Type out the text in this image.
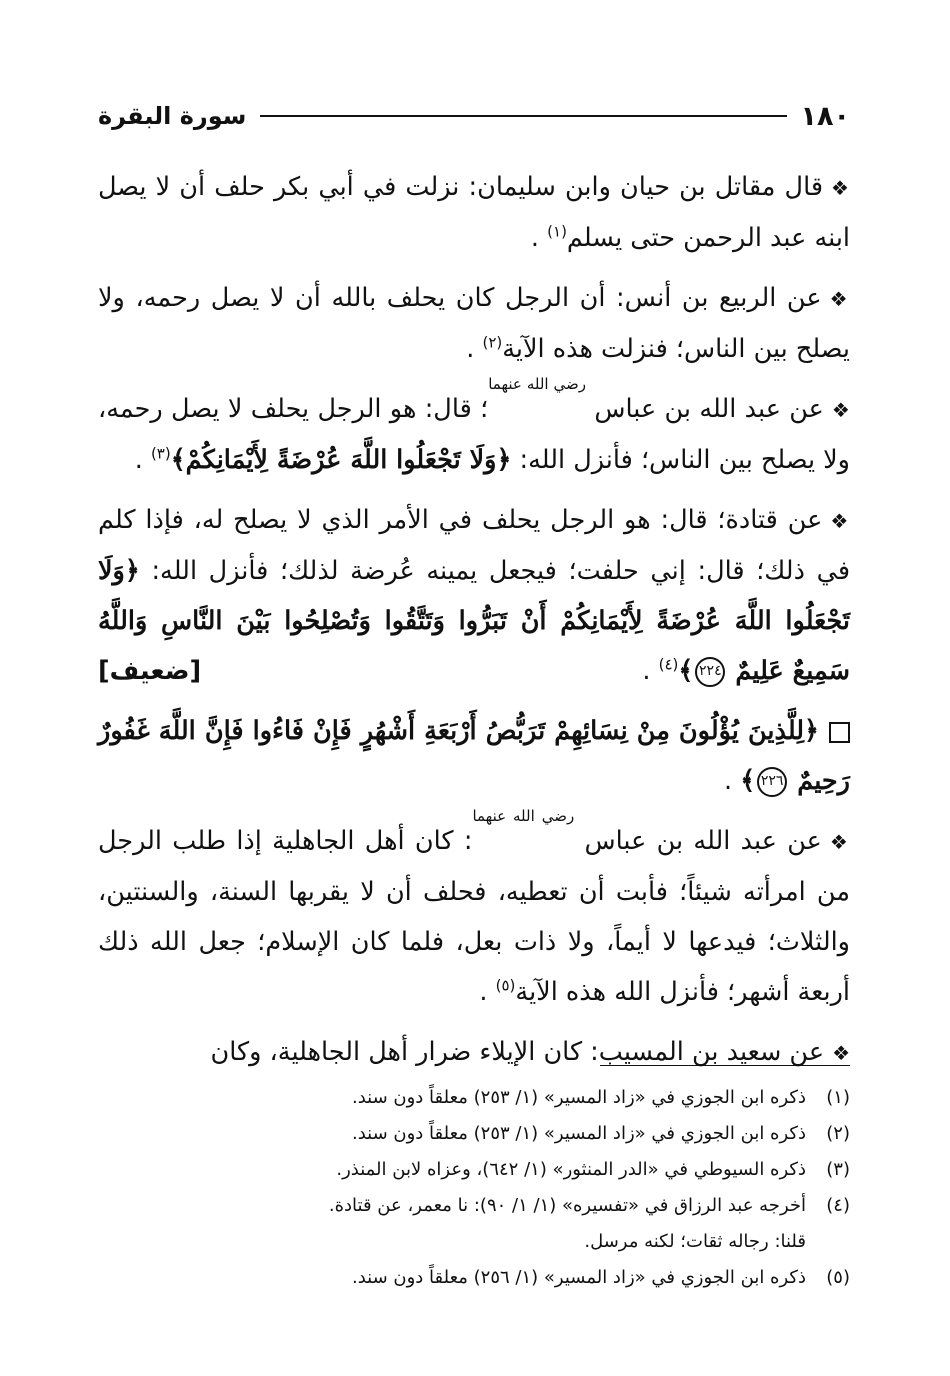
١٨٠
سورة البقرة

❖قال مقاتل بن حيان وابن سليمان: نزلت في أبي بكر حلف أن لا يصل ابنه عبد الرحمن حتى يسلم$^{(١)}$ .

❖عن الربيع بن أنس: أن الرجل كان يحلف بالله أن لا يصل رحمه، ولا يصلح بين الناس؛ فنزلت هذه الآية$^{(٢)}$ .

❖عن عبد الله بن عباس $^{رضي الله عنهما}$؛ قال: هو الرجل يحلف لا يصل رحمه، ولا يصلح بين الناس؛ فأنزل الله: ﴿وَلَا تَجْعَلُوا اللَّهَ عُرْضَةً لِأَيْمَانِكُمْ﴾$^{(٣)}$ .

❖عن قتادة؛ قال: هو الرجل يحلف في الأمر الذي لا يصلح له، فإذا كلم في ذلك؛ قال: إني حلفت؛ فيجعل يمينه عُرضة لذلك؛ فأنزل الله: ﴿وَلَا تَجْعَلُوا اللَّهَ عُرْضَةً لِأَيْمَانِكُمْ أَنْ تَبَرُّوا وَتَتَّقُوا وَتُصْلِحُوا بَيْنَ النَّاسِ وَاللَّهُ سَمِيعٌ عَلِيمٌ ٢٢٤﴾$^{(٤)}$ .
[ضعيف]

﴿لِلَّذِينَ يُؤْلُونَ مِنْ نِسَائِهِمْ تَرَبُّصُ أَرْبَعَةِ أَشْهُرٍ فَإِنْ فَاءُوا فَإِنَّ اللَّهَ غَفُورٌ رَحِيمٌ ٢٢٦﴾ .

❖عن عبد الله بن عباس $^{رضي الله عنهما}$: كان أهل الجاهلية إذا طلب الرجل من امرأته شيئاً؛ فأبت أن تعطيه، فحلف أن لا يقربها السنة، والسنتين، والثلاث؛ فيدعها لا أيماً، ولا ذات بعل، فلما كان الإسلام؛ جعل الله ذلك أربعة أشهر؛ فأنزل الله هذه الآية$^{(٥)}$ .

❖عن سعيد بن المسيب: كان الإيلاء ضرار أهل الجاهلية، وكان

(١)
ذكره ابن الجوزي في «زاد المسير» (١/ ٢٥٣) معلقاً دون سند.
(٢)
ذكره ابن الجوزي في «زاد المسير» (١/ ٢٥٣) معلقاً دون سند.
(٣)
ذكره السيوطي في «الدر المنثور» (١/ ٦٤٢)، وعزاه لابن المنذر.
(٤)
أخرجه عبد الرزاق في «تفسيره» (١/ ١/ ٩٠): نا معمر، عن قتادة.
قلنا: رجاله ثقات؛ لكنه مرسل.
(٥)
ذكره ابن الجوزي في «زاد المسير» (١/ ٢٥٦) معلقاً دون سند.
